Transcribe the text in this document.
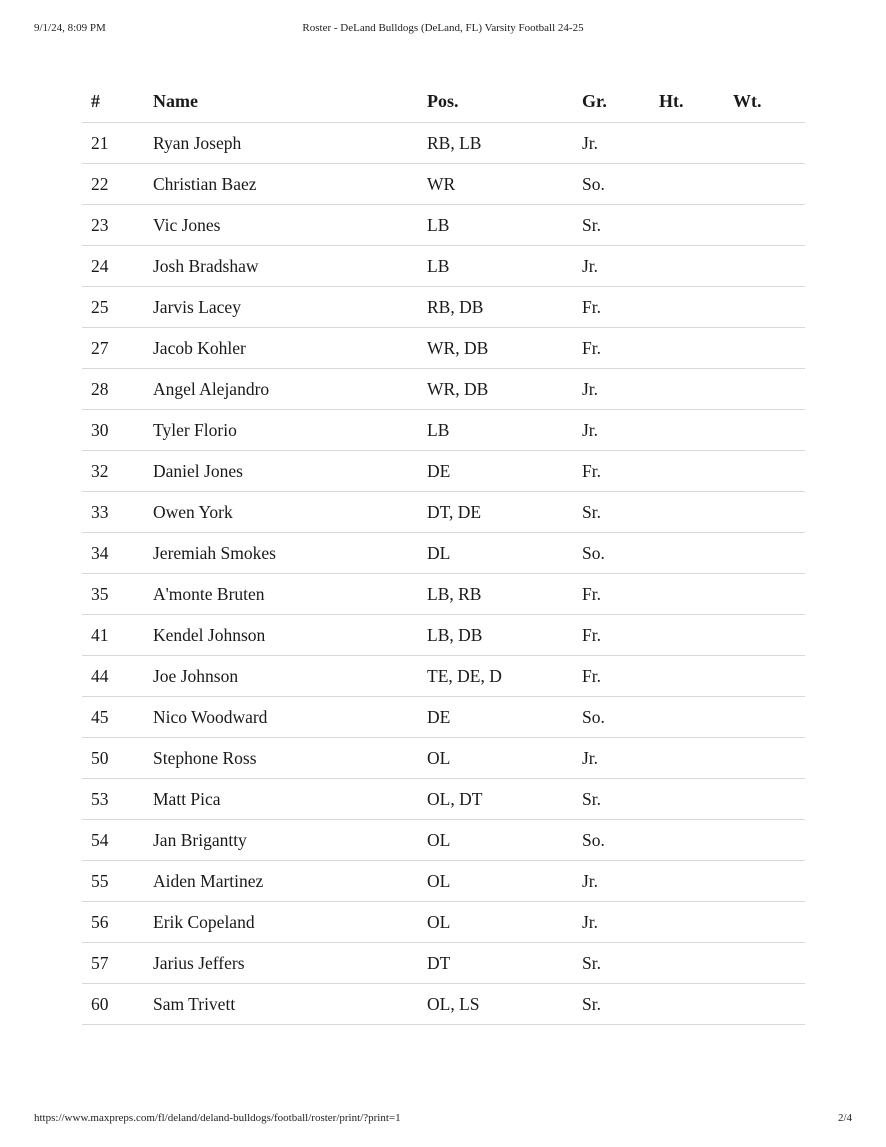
9/1/24, 8:09 PM	Roster - DeLand Bulldogs (DeLand, FL) Varsity Football 24-25
#	Name	Pos.	Gr.	Ht.	Wt.
21	Ryan Joseph	RB, LB	Jr.		
22	Christian Baez	WR	So.		
23	Vic Jones	LB	Sr.		
24	Josh Bradshaw	LB	Jr.		
25	Jarvis Lacey	RB, DB	Fr.		
27	Jacob Kohler	WR, DB	Fr.		
28	Angel Alejandro	WR, DB	Jr.		
30	Tyler Florio	LB	Jr.		
32	Daniel Jones	DE	Fr.		
33	Owen York	DT, DE	Sr.		
34	Jeremiah Smokes	DL	So.		
35	A'monte Bruten	LB, RB	Fr.		
41	Kendel Johnson	LB, DB	Fr.		
44	Joe Johnson	TE, DE, D	Fr.		
45	Nico Woodward	DE	So.		
50	Stephone Ross	OL	Jr.		
53	Matt Pica	OL, DT	Sr.		
54	Jan Brigantty	OL	So.		
55	Aiden Martinez	OL	Jr.		
56	Erik Copeland	OL	Jr.		
57	Jarius Jeffers	DT	Sr.		
60	Sam Trivett	OL, LS	Sr.		
https://www.maxpreps.com/fl/deland/deland-bulldogs/football/roster/print/?print=1	2/4
